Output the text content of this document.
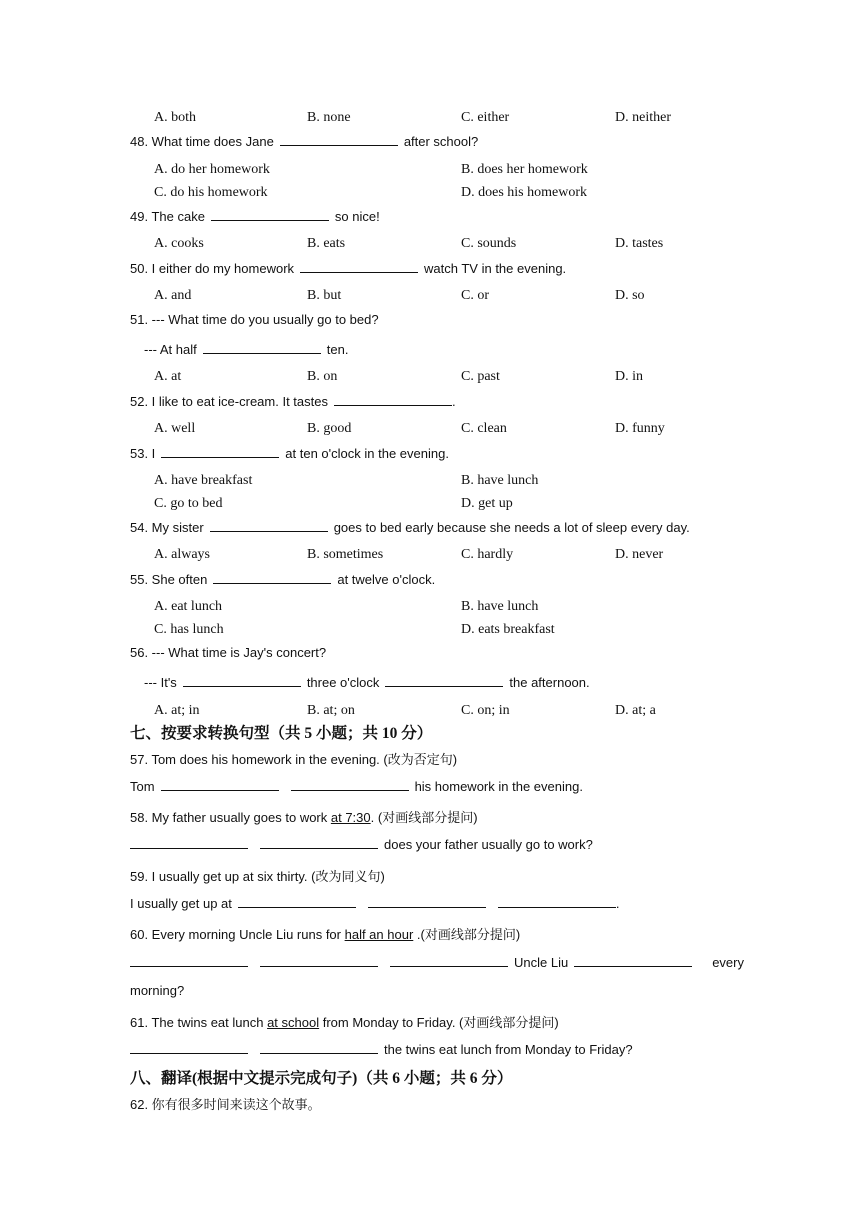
A. both	B. none	C. either	D. neither
48. What time does Jane	after school?
A. do her homework	B. does her homework
C. do his homework	D. does his homework
49. The cake	so nice!
A. cooks	B. eats	C. sounds	D. tastes
50. I either do my homework	watch TV in the evening.
A. and	B. but	C. or	D. so
51. --- What time do you usually go to bed?
--- At half	ten.
A. at	B. on	C. past	D. in
52. I like to eat ice-cream. It tastes	.
A. well	B. good	C. clean	D. funny
53. I	at ten o'clock in the evening.
A. have breakfast	B. have lunch
C. go to bed	D. get up
54. My sister	goes to bed early because she needs a lot of sleep every day.
A. always	B. sometimes	C. hardly	D. never
55. She often	at twelve o'clock.
A. eat lunch	B. have lunch
C. has lunch	D. eats breakfast
56. --- What time is Jay's concert?
--- It's	three o'clock	the afternoon.
A. at; in	B. at; on	C. on; in	D. at; a
七、按要求转换句型（共 5 小题；共 10 分）
57. Tom does his homework in the evening. (改为否定句)
Tom	his homework in the evening.
58. My father usually goes to work at 7:30. (对画线部分提问)
does your father usually go to work?
59. I usually get up at six thirty. (改为同义句)
I usually get up at	.
60. Every morning Uncle Liu runs for half an hour .(对画线部分提问)
Uncle Liu	every
morning?
61. The twins eat lunch at school from Monday to Friday. (对画线部分提问)
the twins eat lunch from Monday to Friday?
八、翻译(根据中文提示完成句子)（共 6 小题；共 6 分）
62. 你有很多时间来读这个故事。
